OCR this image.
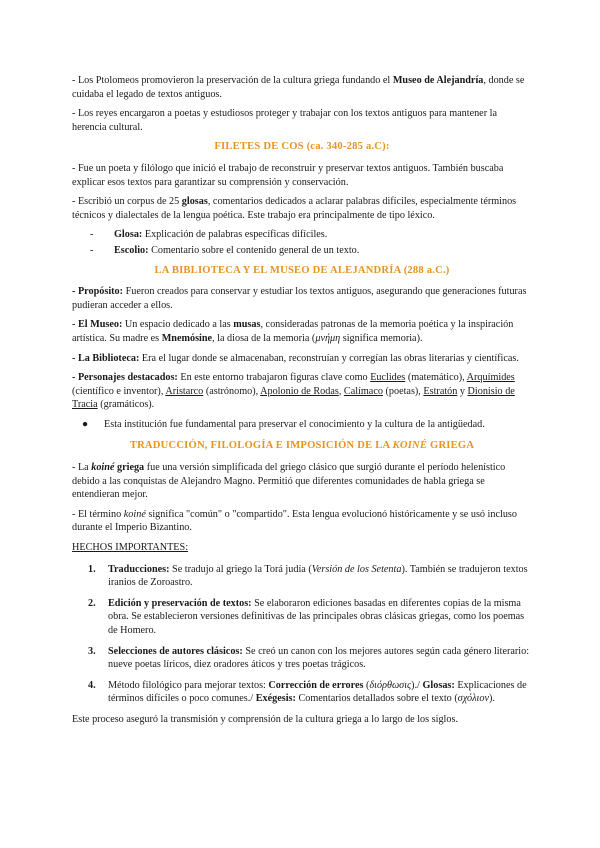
- Los Ptolomeos promovieron la preservación de la cultura griega fundando el Museo de Alejandría, donde se cuidaba el legado de textos antiguos.

- Los reyes encargaron a poetas y estudiosos proteger y trabajar con los textos antiguos para mantener la herencia cultural.

FILETES DE COS (ca. 340-285 a.C):

- Fue un poeta y filólogo que inició el trabajo de reconstruir y preservar textos antiguos. También buscaba explicar esos textos para garantizar su comprensión y conservación.

- Escribió un corpus de 25 glosas, comentarios dedicados a aclarar palabras difíciles, especialmente términos técnicos y dialectales de la lengua poética. Este trabajo era principalmente de tipo léxico.

-	Glosa: Explicación de palabras específicas difíciles.
-	Escolio: Comentario sobre el contenido general de un texto.
LA BIBLIOTECA Y EL MUSEO DE ALEJANDRÍA (288 a.C.)

- Propósito: Fueron creados para conservar y estudiar los textos antiguos, asegurando que generaciones futuras pudieran acceder a ellos.

- El Museo: Un espacio dedicado a las musas, consideradas patronas de la memoria poética y la inspiración artística. Su madre es Mnemósine, la diosa de la memoria (μνήμη significa memoria).

- La Biblioteca: Era el lugar donde se almacenaban, reconstruían y corregían las obras literarias y científicas.

- Personajes destacados: En este entorno trabajaron figuras clave como Euclides (matemático), Arquímides (científico e inventor), Aristarco (astrónomo), Apolonio de Rodas, Calímaco (poetas), Estratón y Dionisio de Tracia (gramáticos).

●	Esta institución fue fundamental para preservar el conocimiento y la cultura de la antigüedad.
TRADUCCIÓN, FILOLOGÍA E IMPOSICIÓN DE LA KOINÉ GRIEGA

- La koiné griega fue una versión simplificada del griego clásico que surgió durante el período helenístico debido a las conquistas de Alejandro Magno. Permitió que diferentes comunidades de habla griega se entendieran mejor.

- El término koiné significa "común" o "compartido". Esta lengua evolucionó históricamente y se usó incluso durante el Imperio Bizantino.

HECHOS IMPORTANTES:
1.	Traducciones: Se tradujo al griego la Torá judía (Versión de los Setenta). También se tradujeron textos iranios de Zoroastro.
2.	Edición y preservación de textos: Se elaboraron ediciones basadas en diferentes copias de la misma obra. Se establecieron versiones definitivas de las principales obras clásicas griegas, como los poemas de Homero.
3.	Selecciones de autores clásicos: Se creó un canon con los mejores autores según cada género literario: nueve poetas líricos, diez oradores áticos y tres poetas trágicos.
4.	Método filológico para mejorar textos: Corrección de errores (διόρθωσις)./ Glosas: Explicaciones de términos difíciles o poco comunes./ Exégesis: Comentarios detallados sobre el texto (σχόλιον).

Este proceso aseguró la transmisión y comprensión de la cultura griega a lo largo de los siglos.
